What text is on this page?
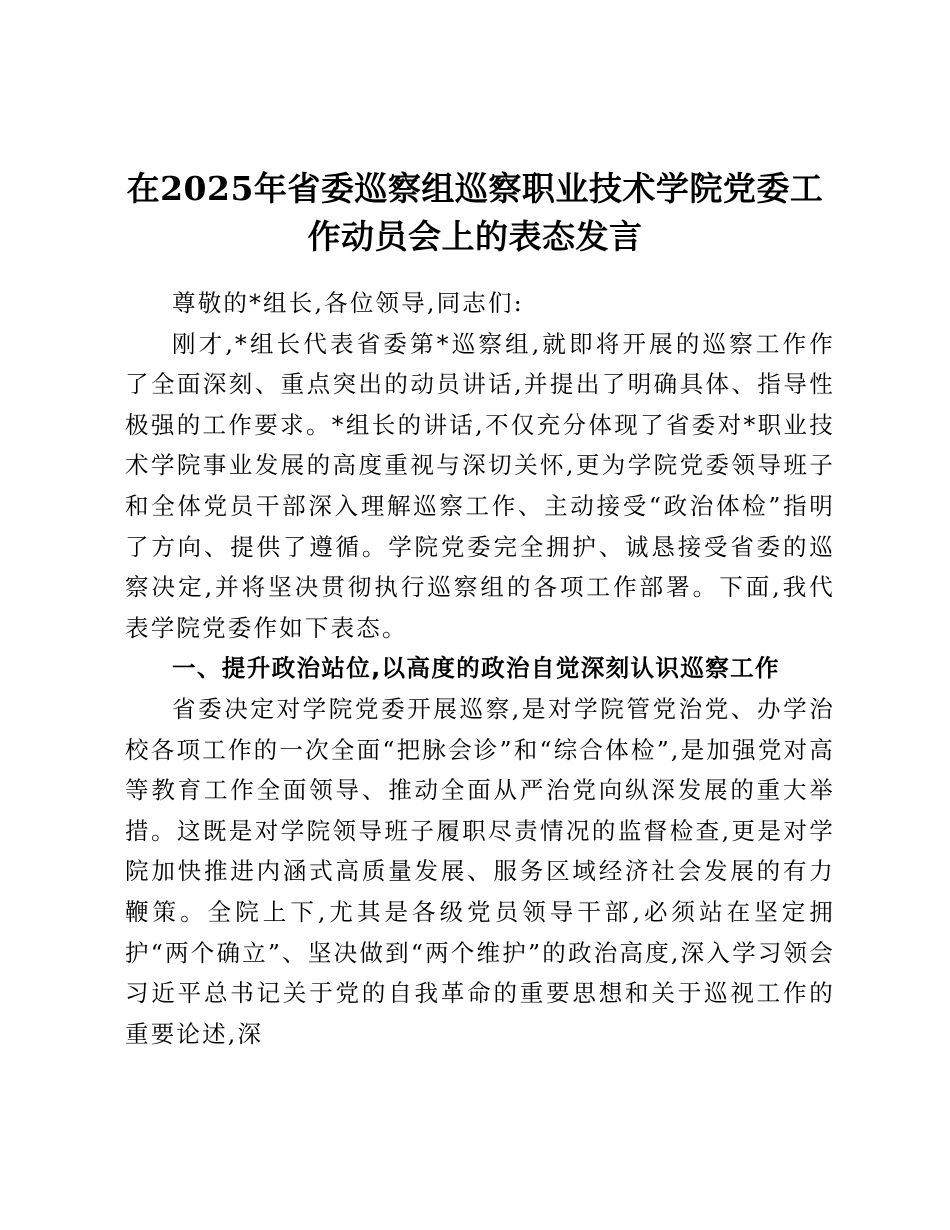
在2025年省委巡察组巡察职业技术学院党委工作动员会上的表态发言

尊敬的*组长,各位领导,同志们:

刚才,*组长代表省委第*巡察组,就即将开展的巡察工作作了全面深刻、重点突出的动员讲话,并提出了明确具体、指导性极强的工作要求。*组长的讲话,不仅充分体现了省委对*职业技术学院事业发展的高度重视与深切关怀,更为学院党委领导班子和全体党员干部深入理解巡察工作、主动接受“政治体检”指明了方向、提供了遵循。学院党委完全拥护、诚恳接受省委的巡察决定,并将坚决贯彻执行巡察组的各项工作部署。下面,我代表学院党委作如下表态。

一、提升政治站位,以高度的政治自觉深刻认识巡察工作

省委决定对学院党委开展巡察,是对学院管党治党、办学治校各项工作的一次全面“把脉会诊”和“综合体检”,是加强党对高等教育工作全面领导、推动全面从严治党向纵深发展的重大举措。这既是对学院领导班子履职尽责情况的监督检查,更是对学院加快推进内涵式高质量发展、服务区域经济社会发展的有力鞭策。全院上下,尤其是各级党员领导干部,必须站在坚定拥护“两个确立”、坚决做到“两个维护”的政治高度,深入学习领会习近平总书记关于党的自我革命的重要思想和关于巡视工作的重要论述,深
